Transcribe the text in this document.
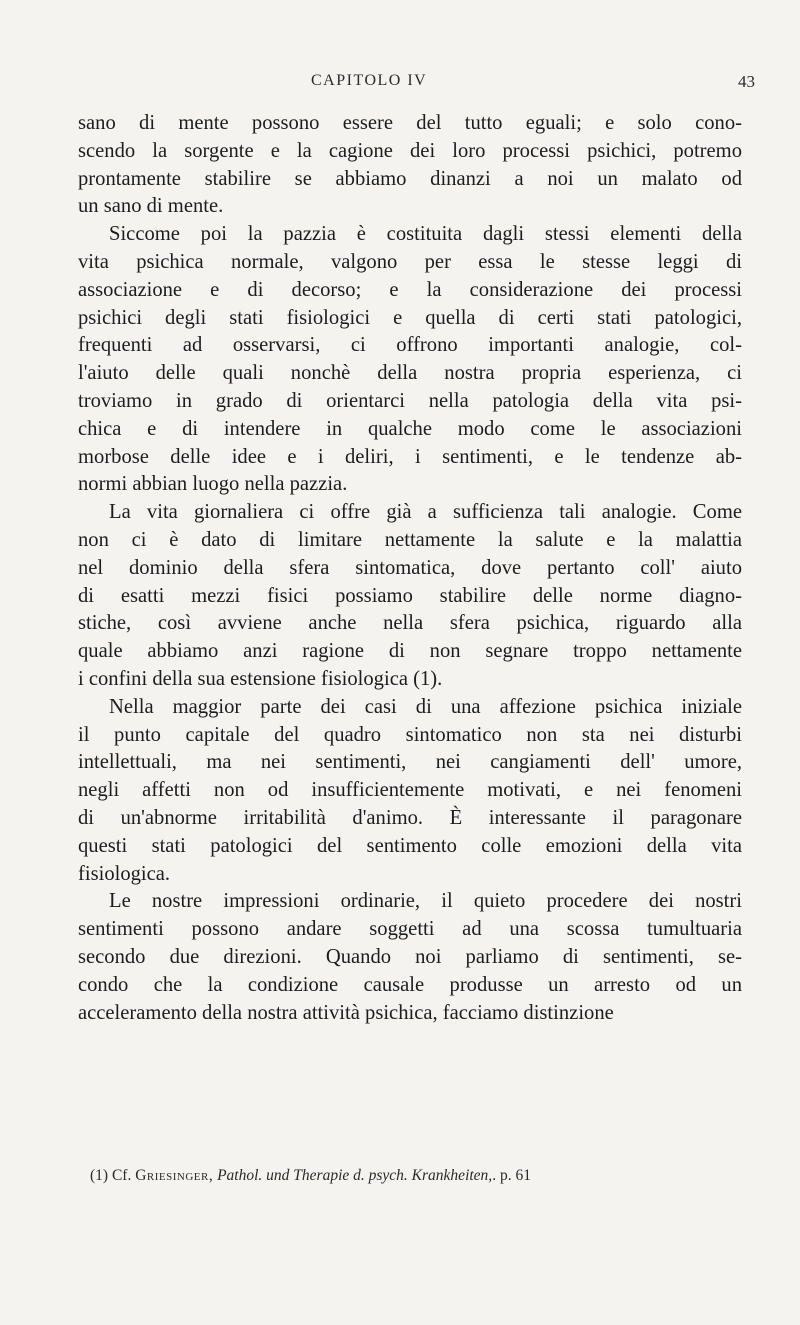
CAPITOLO IV	43
sano di mente possono essere del tutto eguali; e solo cono-
scendo la sorgente e la cagione dei loro processi psichici, potremo
prontamente stabilire se abbiamo dinanzi a noi un malato od
un sano di mente.
Siccome poi la pazzia è costituita dagli stessi elementi della
vita psichica normale, valgono per essa le stesse leggi di
associazione e di decorso; e la considerazione dei processi
psichici degli stati fisiologici e quella di certi stati patologici,
frequenti ad osservarsi, ci offrono importanti analogie, col-
l'aiuto delle quali nonchè della nostra propria esperienza, ci
troviamo in grado di orientarci nella patologia della vita psi-
chica e di intendere in qualche modo come le associazioni
morbose delle idee e i deliri, i sentimenti, e le tendenze ab-
normi abbian luogo nella pazzia.
La vita giornaliera ci offre già a sufficienza tali analogie. Come
non ci è dato di limitare nettamente la salute e la malattia
nel dominio della sfera sintomatica, dove pertanto coll' aiuto
di esatti mezzi fisici possiamo stabilire delle norme diagno-
stiche, così avviene anche nella sfera psichica, riguardo alla
quale abbiamo anzi ragione di non segnare troppo nettamente
i confini della sua estensione fisiologica (1).
Nella maggior parte dei casi di una affezione psichica iniziale
il punto capitale del quadro sintomatico non sta nei disturbi
intellettuali, ma nei sentimenti, nei cangiamenti dell' umore,
negli affetti non od insufficientemente motivati, e nei fenomeni
di un'abnorme irritabilità d'animo. È interessante il paragonare
questi stati patologici del sentimento colle emozioni della vita
fisiologica.
Le nostre impressioni ordinarie, il quieto procedere dei nostri
sentimenti possono andare soggetti ad una scossa tumultuaria
secondo due direzioni. Quando noi parliamo di sentimenti, se-
condo che la condizione causale produsse un arresto od un
acceleramento della nostra attività psichica, facciamo distinzione
(1) Cf. Griesinger, Pathol. und Therapie d. psych. Krankheiten,. p. 61
